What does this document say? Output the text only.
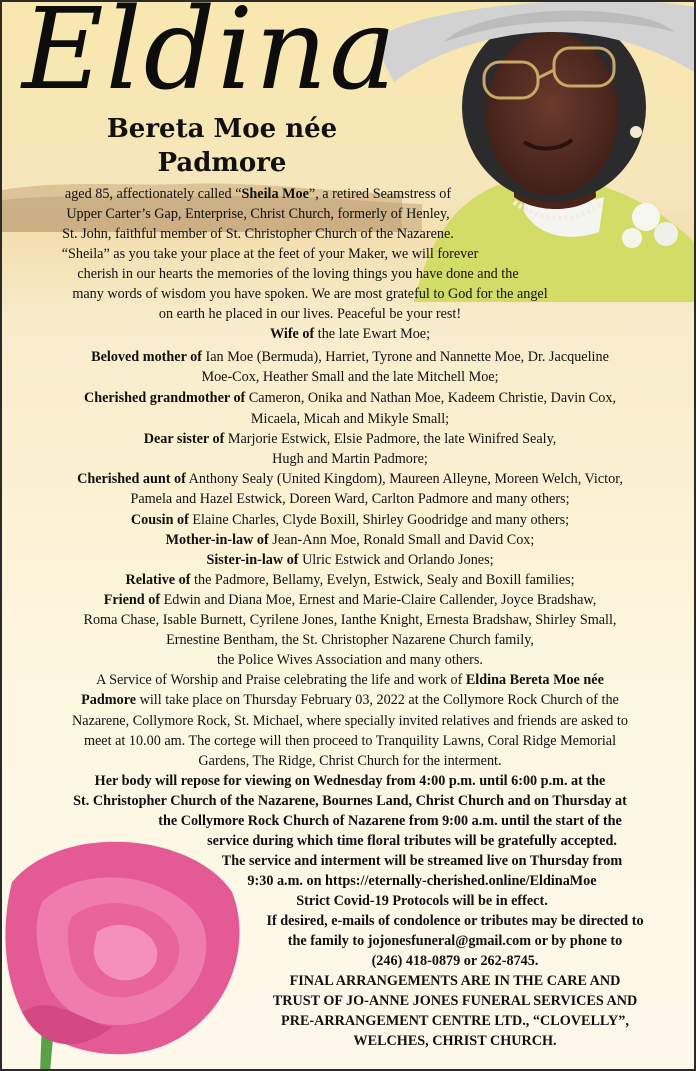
Eldina
Bereta Moe née
Padmore
aged 85, affectionately called “Sheila Moe”, a retired Seamstress of
Upper Carter’s Gap, Enterprise, Christ Church, formerly of Henley,
St. John, faithful member of St. Christopher Church of the Nazarene.
“Sheila” as you take your place at the feet of your Maker, we will forever
cherish in our hearts the memories of the loving things you have done and the
many words of wisdom you have spoken. We are most grateful to God for the angel
on earth he placed in our lives. Peaceful be your rest!
Wife of the late Ewart Moe;
Beloved mother of Ian Moe (Bermuda), Harriet, Tyrone and Nannette Moe, Dr. Jacqueline
Moe-Cox, Heather Small and the late Mitchell Moe;
Cherished grandmother of Cameron, Onika and Nathan Moe, Kadeem Christie, Davin Cox,
Micaela, Micah and Mikyle Small;
Dear sister of Marjorie Estwick, Elsie Padmore, the late Winifred Sealy,
Hugh and Martin Padmore;
Cherished aunt of Anthony Sealy (United Kingdom), Maureen Alleyne, Moreen Welch, Victor,
Pamela and Hazel Estwick, Doreen Ward, Carlton Padmore and many others;
Cousin of Elaine Charles, Clyde Boxill, Shirley Goodridge and many others;
Mother-in-law of Jean-Ann Moe, Ronald Small and David Cox;
Sister-in-law of Ulric Estwick and Orlando Jones;
Relative of the Padmore, Bellamy, Evelyn, Estwick, Sealy and Boxill families;
Friend of Edwin and Diana Moe, Ernest and Marie-Claire Callender, Joyce Bradshaw,
Roma Chase, Isable Burnett, Cyrilene Jones, Ianthe Knight, Ernesta Bradshaw, Shirley Small,
Ernestine Bentham, the St. Christopher Nazarene Church family,
the Police Wives Association and many others.
A Service of Worship and Praise celebrating the life and work of Eldina Bereta Moe née
Padmore will take place on Thursday February 03, 2022 at the Collymore Rock Church of the
Nazarene, Collymore Rock, St. Michael, where specially invited relatives and friends are asked to
meet at 10.00 am. The cortege will then proceed to Tranquility Lawns, Coral Ridge Memorial
Gardens, The Ridge, Christ Church for the interment.
Her body will repose for viewing on Wednesday from 4:00 p.m. until 6:00 p.m. at the
St. Christopher Church of the Nazarene, Bournes Land, Christ Church and on Thursday at
the Collymore Rock Church of Nazarene from 9:00 a.m. until the start of the
service during which time floral tributes will be gratefully accepted.
The service and interment will be streamed live on Thursday from
9:30 a.m. on https://eternally-cherished.online/EldinaMoe
Strict Covid-19 Protocols will be in effect.
If desired, e-mails of condolence or tributes may be directed to
the family to jojonesfuneral@gmail.com or by phone to
(246) 418-0879 or 262-8745.
FINAL ARRANGEMENTS ARE IN THE CARE AND
TRUST OF JO-ANNE JONES FUNERAL SERVICES AND
PRE-ARRANGEMENT CENTRE LTD., “CLOVELLY”,
WELCHES, CHRIST CHURCH.
